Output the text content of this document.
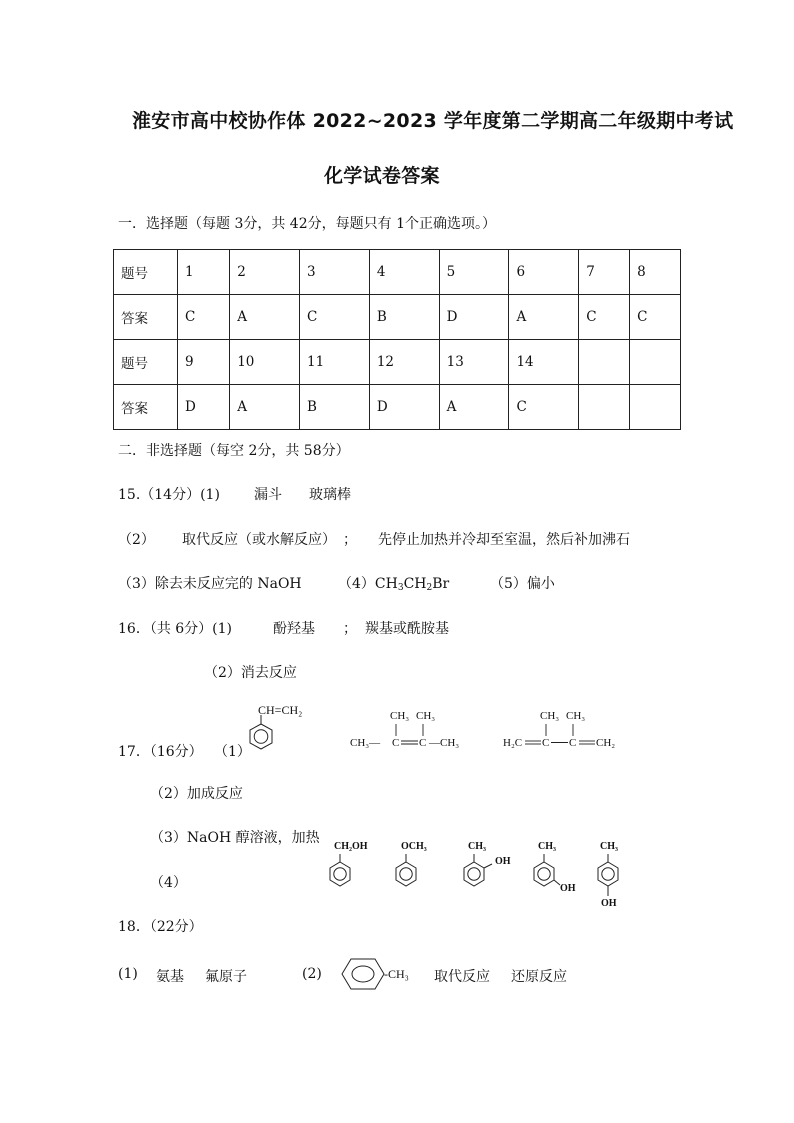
淮安市高中校协作体 2022~2023 学年度第二学期高二年级期中考试
化学试卷答案
一．选择题（每题 3分，共 42分，每题只有 1个正确选项。）
题号	1	2	3	4	5	6	7	8
答案	C	A	C	B	D	A	C	C
题号	9	10	11	12	13	14		
答案	D	A	B	D	A	C		
二．非选择题（每空 2分，共 58分）
15.（14分）(1) 漏斗 玻璃棒
（2） 取代反应（或水解反应） ； 先停止加热并冷却至室温，然后补加沸石
（3）除去未反应完的 NaOH	$(4)CH_3CH_2Br$	（5）偏小
16．（共 6分）(1)	酚羟基 ； 羰基或酰胺基
（2）消去反应
17．（16分） （1）
CH=CH₂	CH₃ CH₃
CH₃— C C —CH₃
CH₃ CH₃
H₂C C C CH₂
（2）加成反应
（3）NaOH 醇溶液，加热
（4）
CH₂OH	OCH₃	CH₃
OH
CH₃
OH
CH₃
OH
18．（22分）
(1) 氨基 氟原子	(2)	-CH₃ 取代反应 还原反应
